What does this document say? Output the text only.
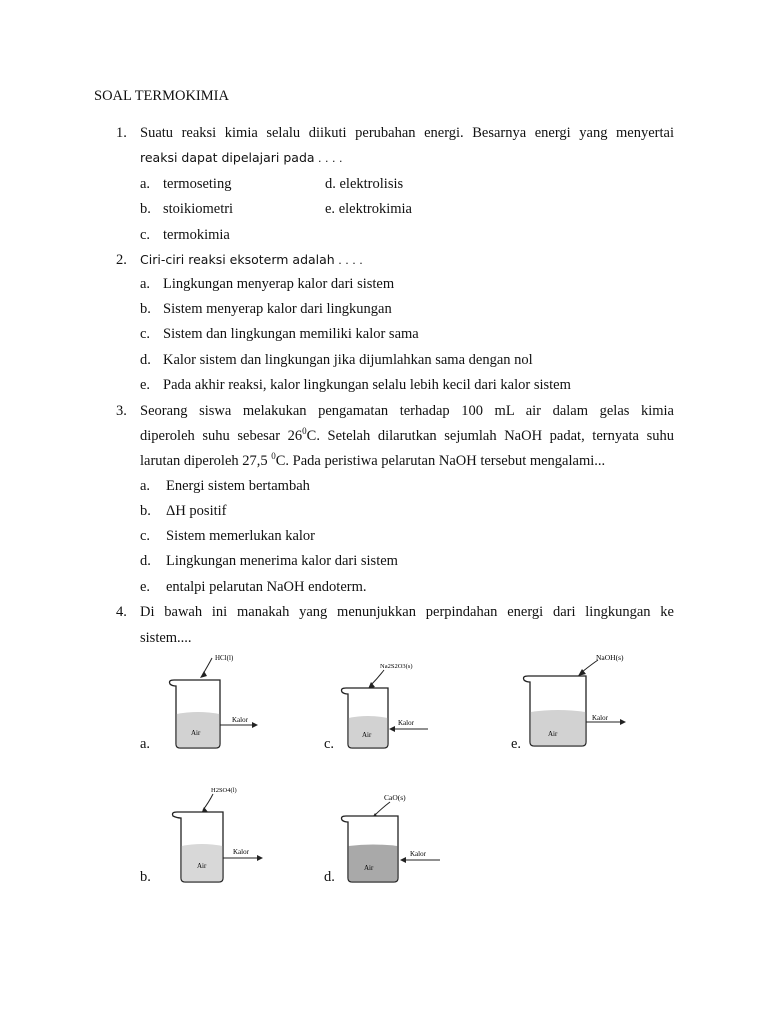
SOAL TERMOKIMIA
1. Suatu reaksi kimia selalu diikuti perubahan energi. Besarnya energi yang menyertai
reaksi dapat dipelajari pada . . . .
a. termoseting	d. elektrolisis
b. stoikiometri	e. elektrokimia
c. termokimia
2. Ciri-ciri reaksi eksoterm adalah . . . .
a. Lingkungan menyerap kalor dari sistem
b. Sistem menyerap kalor dari lingkungan
c. Sistem dan lingkungan memiliki kalor sama
d. Kalor sistem dan lingkungan jika dijumlahkan sama dengan nol
e. Pada akhir reaksi, kalor lingkungan selalu lebih kecil dari kalor sistem
3. Seorang siswa melakukan pengamatan terhadap 100 mL air dalam gelas kimia
diperoleh suhu sebesar $26^0C$. Setelah dilarutkan sejumlah NaOH padat, ternyata suhu
larutan diperoleh 27,5 $^0$C. Pada peristiwa pelarutan NaOH tersebut mengalami...
a. Energi sistem bertambah
b. ΔH positif
c. Sistem memerlukan kalor
d. Lingkungan menerima kalor dari sistem
e. entalpi pelarutan NaOH endoterm.
4. Di bawah ini manakah yang menunjukkan perpindahan energi dari lingkungan ke
sistem....
a.	c.	e.
b.	d.
HCl(l)
Air
Kalor
Na2S2O3(s)
Air
Kalor
NaOH(s)
Air
Kalor
H2SO4(l)
Air
Kalor
CaO(s)
Air
Kalor
